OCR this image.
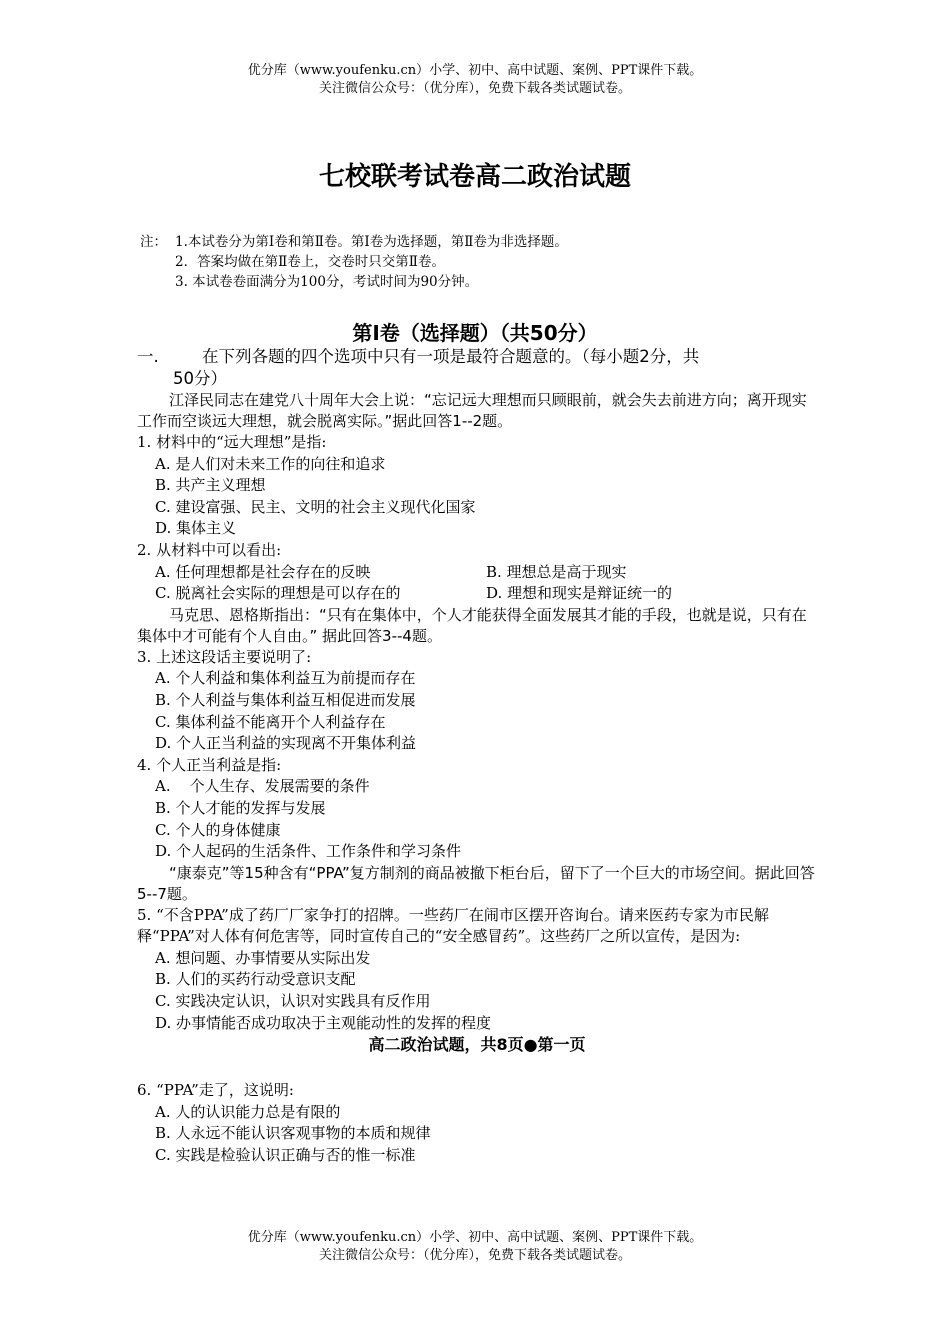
优分库（www.youfenku.cn）小学、初中、高中试题、案例、PPT课件下载。
关注微信公众号：（优分库），免费下载各类试题试卷。
七校联考试卷高二政治试题
注： 1.本试卷分为第Ⅰ卷和第Ⅱ卷。第Ⅰ卷为选择题，第Ⅱ卷为非选择题。
2．答案均做在第Ⅱ卷上，交卷时只交第Ⅱ卷。
3. 本试卷卷面满分为100分，考试时间为90分钟。
第Ⅰ卷（选择题）（共50分）
一.	在下列各题的四个选项中只有一项是最符合题意的。（每小题2分，共
50分）
江泽民同志在建党八十周年大会上说：“忘记远大理想而只顾眼前，就会失去前进方向；离开现实工作而空谈远大理想，就会脱离实际。”据此回答1--2题。
1. 材料中的“远大理想”是指:
A. 是人们对未来工作的向往和追求
B. 共产主义理想
C. 建设富强、民主、文明的社会主义现代化国家
D. 集体主义
2. 从材料中可以看出:
A. 任何理想都是社会存在的反映	B. 理想总是高于现实
C. 脱离社会实际的理想是可以存在的	D. 理想和现实是辩证统一的
马克思、恩格斯指出：“只有在集体中，个人才能获得全面发展其才能的手段，也就是说，只有在集体中才可能有个人自由。” 据此回答3--4题。
3. 上述这段话主要说明了:
A. 个人利益和集体利益互为前提而存在
B. 个人利益与集体利益互相促进而发展
C. 集体利益不能离开个人利益存在
D. 个人正当利益的实现离不开集体利益
4. 个人正当利益是指:
A.    个人生存、发展需要的条件
B. 个人才能的发挥与发展
C. 个人的身体健康
D. 个人起码的生活条件、工作条件和学习条件
“康泰克”等15种含有“PPA”复方制剂的商品被撤下柜台后，留下了一个巨大的市场空间。据此回答5--7题。
5. “不含PPA”成了药厂厂家争打的招牌。一些药厂在闹市区摆开咨询台。请来医药专家为市民解释“PPA”对人体有何危害等，同时宣传自己的“安全感冒药”。这些药厂之所以宣传，是因为:
A. 想问题、办事情要从实际出发
B. 人们的买药行动受意识支配
C. 实践决定认识，认识对实践具有反作用
D. 办事情能否成功取决于主观能动性的发挥的程度
高二政治试题，共8页●第一页
6. “PPA”走了，这说明:
A. 人的认识能力总是有限的
B. 人永远不能认识客观事物的本质和规律
C. 实践是检验认识正确与否的惟一标准
优分库（www.youfenku.cn）小学、初中、高中试题、案例、PPT课件下载。
关注微信公众号：（优分库），免费下载各类试题试卷。
